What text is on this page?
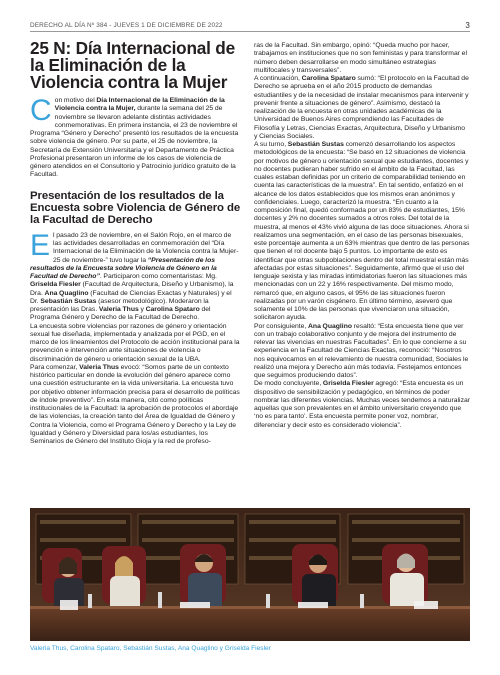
DERECHO AL DÍA Nº 384 - JUEVES 1 DE DICIEMBRE DE 2022	3
25 N: Día Internacional de la Eliminación de la Violencia contra la Mujer

Con motivo del Día Internacional de la Eliminación de la Violencia contra la Mujer, durante la semana del 25 de noviembre se llevaron adelante distintas actividades conmemorativas. En primera instancia, el 23 de noviembre el Programa “Género y Derecho” presentó los resultados de la encuesta sobre violencia de género. Por su parte, el 25 de noviembre, la Secretaría de Extensión Universitaria y el Departamento de Práctica Profesional presentaron un informe de los casos de violencia de género atendidos en el Consultorio y Patrocinio jurídico gratuito de la Facultad.

Presentación de los resultados de la Encuesta sobre Violencia de Género de la Facultad de Derecho

El pasado 23 de noviembre, en el Salón Rojo, en el marco de las actividades desarrolladas en conmemoración del “Día Internacional de la Eliminación de la Violencia contra la Mujer- 25 de noviembre-” tuvo lugar la “Presentación de los resultados de la Encuesta sobre Violencia de Género en la Facultad de Derecho”. Participaron como comentaristas: Mg. Griselda Fiesler (Facultad de Arquitectura, Diseño y Urbanismo), la Dra. Ana Quaglino (Facultad de Ciencias Exactas y Naturales) y el Dr. Sebastián Sustas (asesor metodológico). Moderaron la presentación las Dras. Valeria Thus y Carolina Spataro del Programa Género y Derecho de la Facultad de Derecho.

La encuesta sobre violencias por razones de género y orientación sexual fue diseñada, implementada y analizada por el PGD, en el marco de los lineamientos del Protocolo de acción institucional para la prevención e intervención ante situaciones de violencia o discriminación de género u orientación sexual de la UBA.

Para comenzar, Valeria Thus evocó: “Somos parte de un contexto histórico particular en donde la evolución del género aparece como una cuestión estructurante en la vida universitaria. La encuesta tuvo por objetivo obtener información precisa para el desarrollo de políticas de índole preventivo”. En esta manera, citó como políticas institucionales de la Facultad: la aprobación de protocolos el abordaje de las violencias, la creación tanto del Área de Igualdad de Género y Contra la Violencia, como el Programa Género y Derecho y la Ley de Igualdad y Género y Diversidad para los/as estudiantes, los Seminarios de Género del Instituto Gioja y la red de profeso-

ras de la Facultad. Sin embargo, opinó: “Queda mucho por hacer, trabajamos en instituciones que no son feministas y para transformar el número deben desarrollarse en modo simultáneo estrategias multifocales y transversales”.

A continuación, Carolina Spataro sumó: “El protocolo en la Facultad de Derecho se aprueba en el año 2015 producto de demandas estudiantiles y de la necesidad de instalar mecanismos para intervenir y prevenir frente a situaciones de género”. Asimismo, destacó la realización de la encuesta en otras unidades académicas de la Universidad de Buenos Aires comprendiendo las Facultades de Filosofía y Letras, Ciencias Exactas, Arquitectura, Diseño y Urbanismo y Ciencias Sociales.

A su turno, Sebastián Sustas comenzó desarrollando los aspectos metodológicos de la encuesta: “Se basó en 12 situaciones de violencia por motivos de género u orientación sexual que estudiantes, docentes y no docentes pudieran haber sufrido en el ámbito de la Facultad, las cuales estaban definidas por un criterio de comparabilidad teniendo en cuenta las características de la muestra”. En tal sentido, enfatizó en el alcance de los datos establecidos que los mismos eran anónimos y confidenciales. Luego, caracterizó la muestra. “En cuanto a la composición final, quedó conformada por un 83% de estudiantes, 15% docentes y 2% no docentes sumados a otros roles. Del total de la muestra, al menos el 43% vivió alguna de las doce situaciones. Ahora si realizamos una segmentación, en el caso de las personas bisexuales, este porcentaje aumenta a un 63% mientras que dentro de las personas que tienen el rol docente bajo 5 puntos. Lo importante de esto es identificar que otras subpoblaciones dentro del total muestral están más afectadas por estas situaciones”. Seguidamente, afirmó que el uso del lenguaje sexista y las miradas intimidatorias fueron las situaciones más mencionadas con un 22 y 16% respectivamente. Del mismo modo, remarcó que, en alguno casos, el 95% de las situaciones fueron realizadas por un varón cisgénero. En último término, aseveró que solamente el 10% de las personas que vivenciaron una situación, solicitaron ayuda.

Por consiguiente, Ana Quaglino resaltó: “Esta encuesta tiene que ver con un trabajo colaborativo conjunto y de mejora del instrumento de relevar las vivencias en nuestras Facultades”. En lo que concierne a su experiencia en la Facultad de Ciencias Exactas, reconoció: “Nosotros nos equivocamos en el relevamiento de nuestra comunidad, Sociales le realizó una mejora y Derecho aún más todavía. Festejamos entonces que seguimos produciendo datos”.

De modo concluyente, Griselda Fiesler agregó: “Esta encuesta es un dispositivo de sensibilización y pedagógico, en términos de poder nombrar las diferentes violencias. Muchas veces tendemos a naturalizar aquellas que son prevalentes en el ámbito universitario creyendo que ‘no es para tanto’. Esta encuesta permite poner voz, nombrar, diferenciar y decir esto es considerado violencia”.

Valeria Thus, Carolina Spataro, Sebastián Sustas, Ana Quaglino y Griselda Fiesler
